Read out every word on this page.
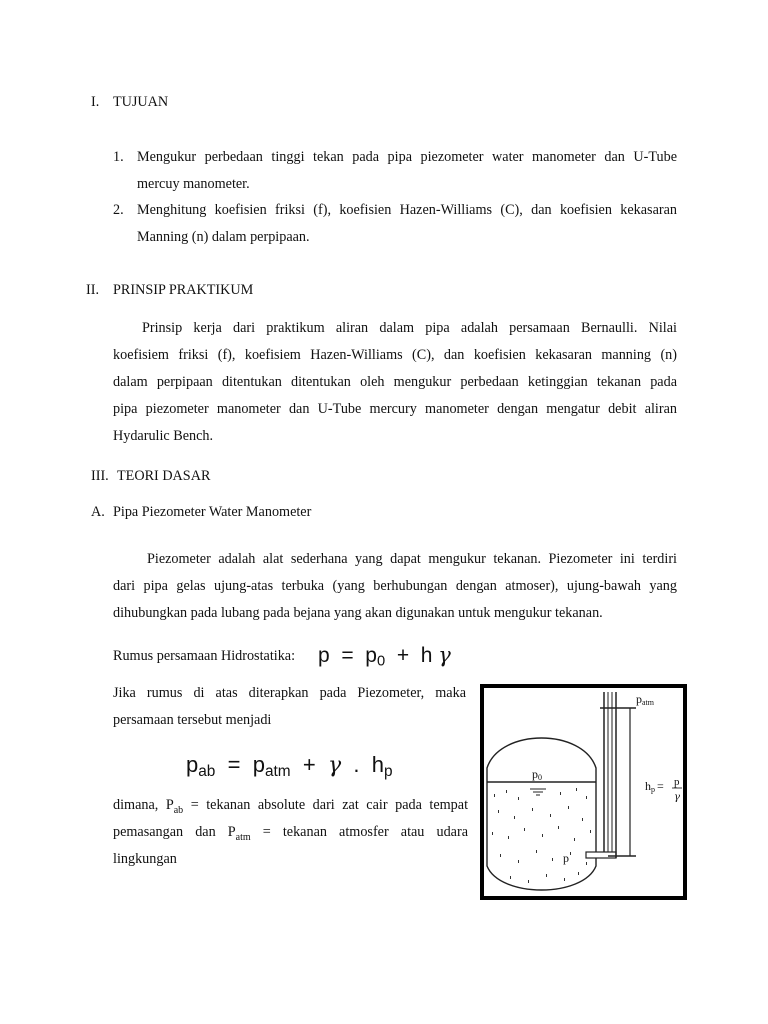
I. TUJUAN

1. Mengukur perbedaan tinggi tekan pada pipa piezometer water manometer dan U-Tube
mercuy manometer.

2. Menghitung koefisien friksi (f), koefisien Hazen-Williams (C), dan koefisien kekasaran
Manning (n) dalam perpipaan.

II. PRINSIP PRAKTIKUM

Prinsip kerja dari praktikum aliran dalam pipa adalah persamaan Bernaulli. Nilai
koefisiem friksi (f), koefisiem Hazen-Williams (C), dan koefisien kekasaran manning (n)
dalam perpipaan ditentukan ditentukan oleh mengukur perbedaan ketinggian tekanan pada
pipa piezometer manometer dan U-Tube mercury manometer dengan mengatur debit aliran
Hydarulic Bench.

III. TEORI DASAR

A. Pipa Piezometer Water Manometer

Piezometer adalah alat sederhana yang dapat mengukur tekanan. Piezometer ini terdiri
dari pipa gelas ujung-atas terbuka (yang berhubungan dengan atmoser), ujung-bawah yang
dihubungkan pada lubang pada bejana yang akan digunakan untuk mengukur tekanan.

Rumus persamaan Hidrostatika: $p = p_0 + h$ γ
Jika rumus di atas diterapkan pada Piezometer, maka
persamaan tersebut menjadi
$p_{ab} = p_{atm} + \gamma$ . $h_p$
dimana, $P_{ab}$ = tekanan absolute dari zat cair pada tempat
pemasangan dan $P_{atm}$ = tekanan atmosfer atau udara
lingkungan
patm
p0
hp = p
γ
p
